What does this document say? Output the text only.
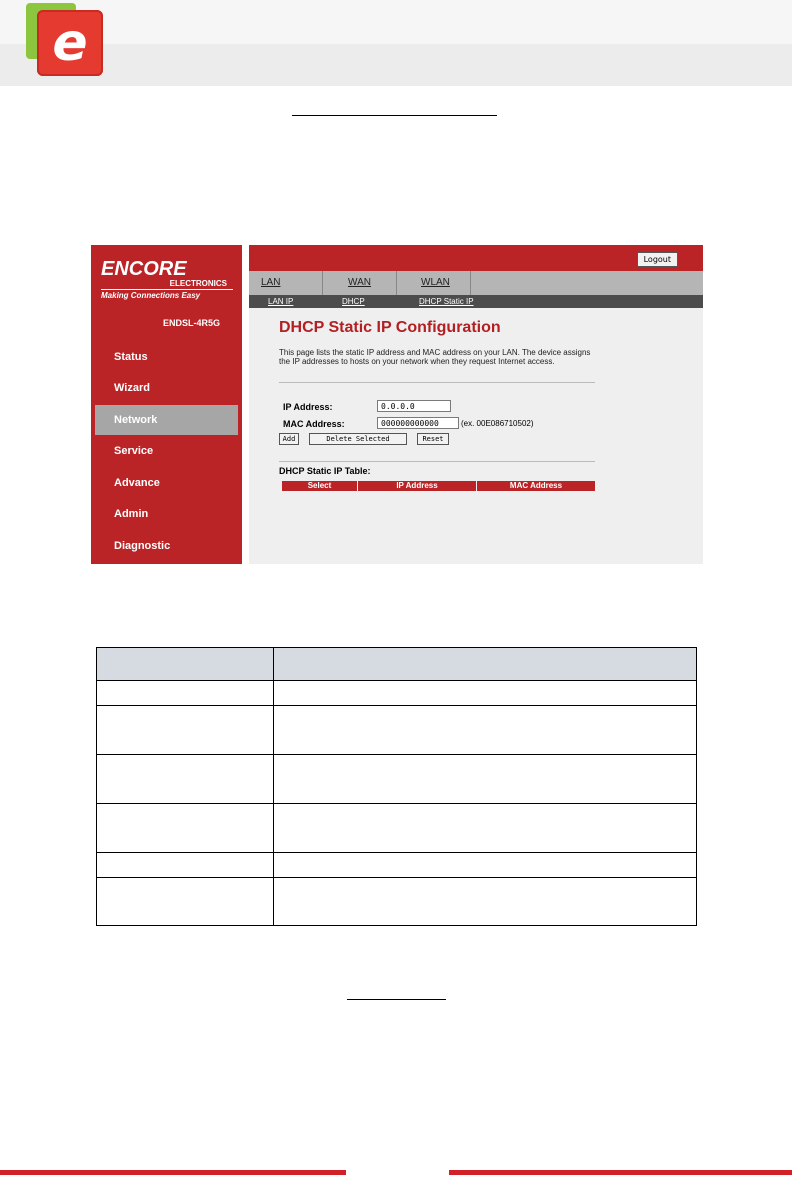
e
ENCORE
ELECTRONICS
Making Connections Easy
ENDSL-4R5G
Status
Wizard
Network
Service
Advance
Admin
Diagnostic
Logout
LAN	WAN	WLAN
LAN IP	DHCP	DHCP Static IP
DHCP Static IP Configuration
This page lists the static IP address and MAC address on your LAN. The device assigns the IP addresses to hosts on your network when they request Internet access.
IP Address:	0.0.0.0
MAC Address:	000000000000	(ex. 00E086710502)
Add	Delete Selected	Reset
DHCP Static IP Table:
Select	IP Address	MAC Address
